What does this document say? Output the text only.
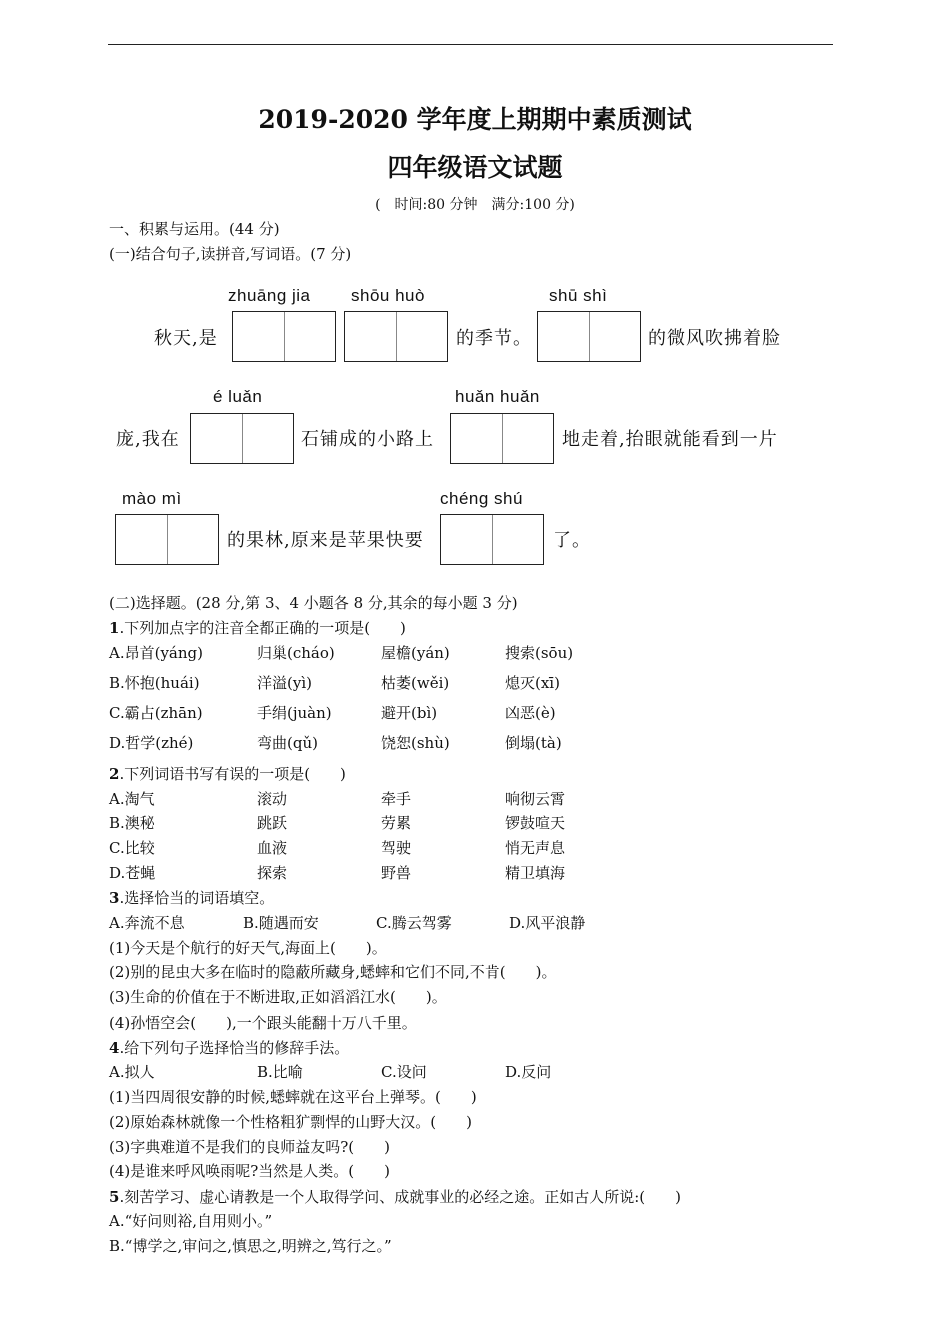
2019-2020 学年度上期期中素质测试
四年级语文试题
(　时间:80 分钟　满分:100 分)
一、积累与运用。(44 分)
(一)结合句子,读拼音,写词语。(7 分)
zhuāng jia shōu huò	shū shì
秋天,是	的季节。	的微风吹拂着脸
é luǎn	huǎn huǎn
庞,我在	石铺成的小路上	地走着,抬眼就能看到一片
mào mì	chéng shú
的果林,原来是苹果快要	了。
(二)选择题。(28 分,第 3、4 小题各 8 分,其余的每小题 3 分)
1.下列加点字的注音全都正确的一项是(　　)
A.昂首(yáng)	归巢(cháo)	屋檐(yán)	搜索(sōu)
B.怀抱(huái)	洋溢(yì)	枯萎(wěi)	熄灭(xī)
C.霸占(zhān)	手绢(juàn)	避开(bì)	凶恶(è)
D.哲学(zhé)	弯曲(qǔ)	饶恕(shù)	倒塌(tà)
2.下列词语书写有误的一项是(　　)
A.淘气	滚动	牵手	响彻云霄
B.澳秘	跳跃	劳累	锣鼓喧天
C.比较	血液	驾驶	悄无声息
D.苍蝇	探索	野兽	精卫填海
3.选择恰当的词语填空。
A.奔流不息	B.随遇而安	C.腾云驾雾	D.风平浪静
(1)今天是个航行的好天气,海面上(　　)。
(2)别的昆虫大多在临时的隐蔽所藏身,蟋蟀和它们不同,不肯(　　)。
(3)生命的价值在于不断进取,正如滔滔江水(　　)。
(4)孙悟空会(　　),一个跟头能翻十万八千里。
4.给下列句子选择恰当的修辞手法。
A.拟人	B.比喻	C.设问	D.反问
(1)当四周很安静的时候,蟋蟀就在这平台上弹琴。(　　)
(2)原始森林就像一个性格粗犷剽悍的山野大汉。(　　)
(3)字典难道不是我们的良师益友吗?(　　)
(4)是谁来呼风唤雨呢?当然是人类。(　　)
5.刻苦学习、虚心请教是一个人取得学问、成就事业的必经之途。正如古人所说:(　　)
A.“好问则裕,自用则小。”
B.“博学之,审问之,慎思之,明辨之,笃行之。”
